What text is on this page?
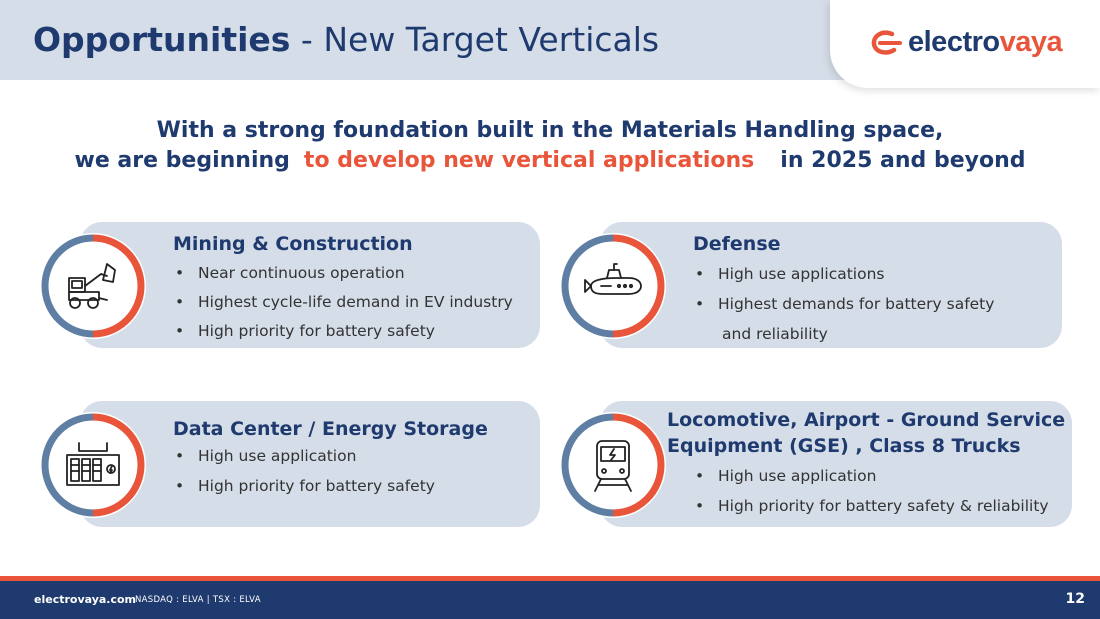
Opportunities - New Target Verticals	electrovaya
With a strong foundation built in the Materials Handling space,
we are beginning to develop new vertical applications in 2025 and beyond
Mining & Construction
• Near continuous operation
• Highest cycle-life demand in EV industry
• High priority for battery safety
Defense
• High use applications
• Highest demands for battery safety
and reliability
Data Center / Energy Storage
• High use application
• High priority for battery safety
Locomotive, Airport - Ground Service
Equipment (GSE) , Class 8 Trucks
• High use application
• High priority for battery safety & reliability
electrovaya.com
NASDAQ : ELVA | TSX : ELVA	12
